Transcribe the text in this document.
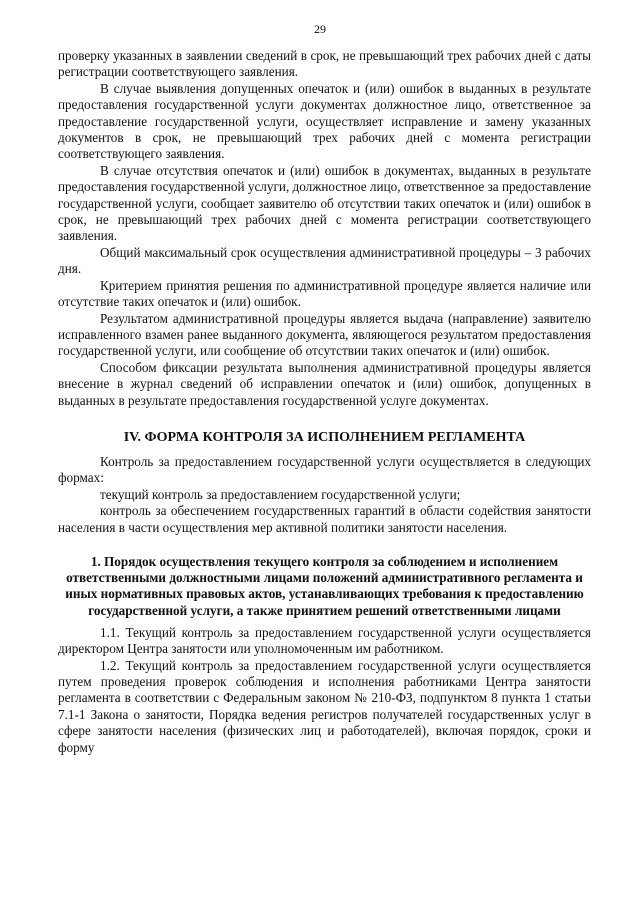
29

проверку указанных в заявлении сведений в срок, не превышающий трех рабочих дней с даты регистрации соответствующего заявления.

В случае выявления допущенных опечаток и (или) ошибок в выданных в результате предоставления государственной услуги документах должностное лицо, ответственное за предоставление государственной услуги, осуществляет исправление и замену указанных документов в срок, не превышающий трех рабочих дней с момента регистрации соответствующего заявления.

В случае отсутствия опечаток и (или) ошибок в документах, выданных в результате предоставления государственной услуги, должностное лицо, ответственное за предоставление государственной услуги, сообщает заявителю об отсутствии таких опечаток и (или) ошибок в срок, не превышающий трех рабочих дней с момента регистрации соответствующего заявления.

Общий максимальный срок осуществления административной процедуры – 3 рабочих дня.

Критерием принятия решения по административной процедуре является наличие или отсутствие таких опечаток и (или) ошибок.

Результатом административной процедуры является выдача (направление) заявителю исправленного взамен ранее выданного документа, являющегося результатом предоставления государственной услуги, или сообщение об отсутствии таких опечаток и (или) ошибок.

Способом фиксации результата выполнения административной процедуры является внесение в журнал сведений об исправлении опечаток и (или) ошибок, допущенных в выданных в результате предоставления государственной услуге документах.

IV. ФОРМА КОНТРОЛЯ ЗА ИСПОЛНЕНИЕМ РЕГЛАМЕНТА

Контроль за предоставлением государственной услуги осуществляется в следующих формах:

текущий контроль за предоставлением государственной услуги;

контроль за обеспечением государственных гарантий в области содействия занятости населения в части осуществления мер активной политики занятости населения.

1. Порядок осуществления текущего контроля за соблюдением и исполнением ответственными должностными лицами положений административного регламента и иных нормативных правовых актов, устанавливающих требования к предоставлению государственной услуги, а также принятием решений ответственными лицами

1.1. Текущий контроль за предоставлением государственной услуги осуществляется директором Центра занятости или уполномоченным им работником.

1.2. Текущий контроль за предоставлением государственной услуги осуществляется путем проведения проверок соблюдения и исполнения работниками Центра занятости регламента в соответствии с Федеральным законом № 210-ФЗ, подпунктом 8 пункта 1 статьи 7.1-1 Закона о занятости, Порядка ведения регистров получателей государственных услуг в сфере занятости населения (физических лиц и работодателей), включая порядок, сроки и форму
